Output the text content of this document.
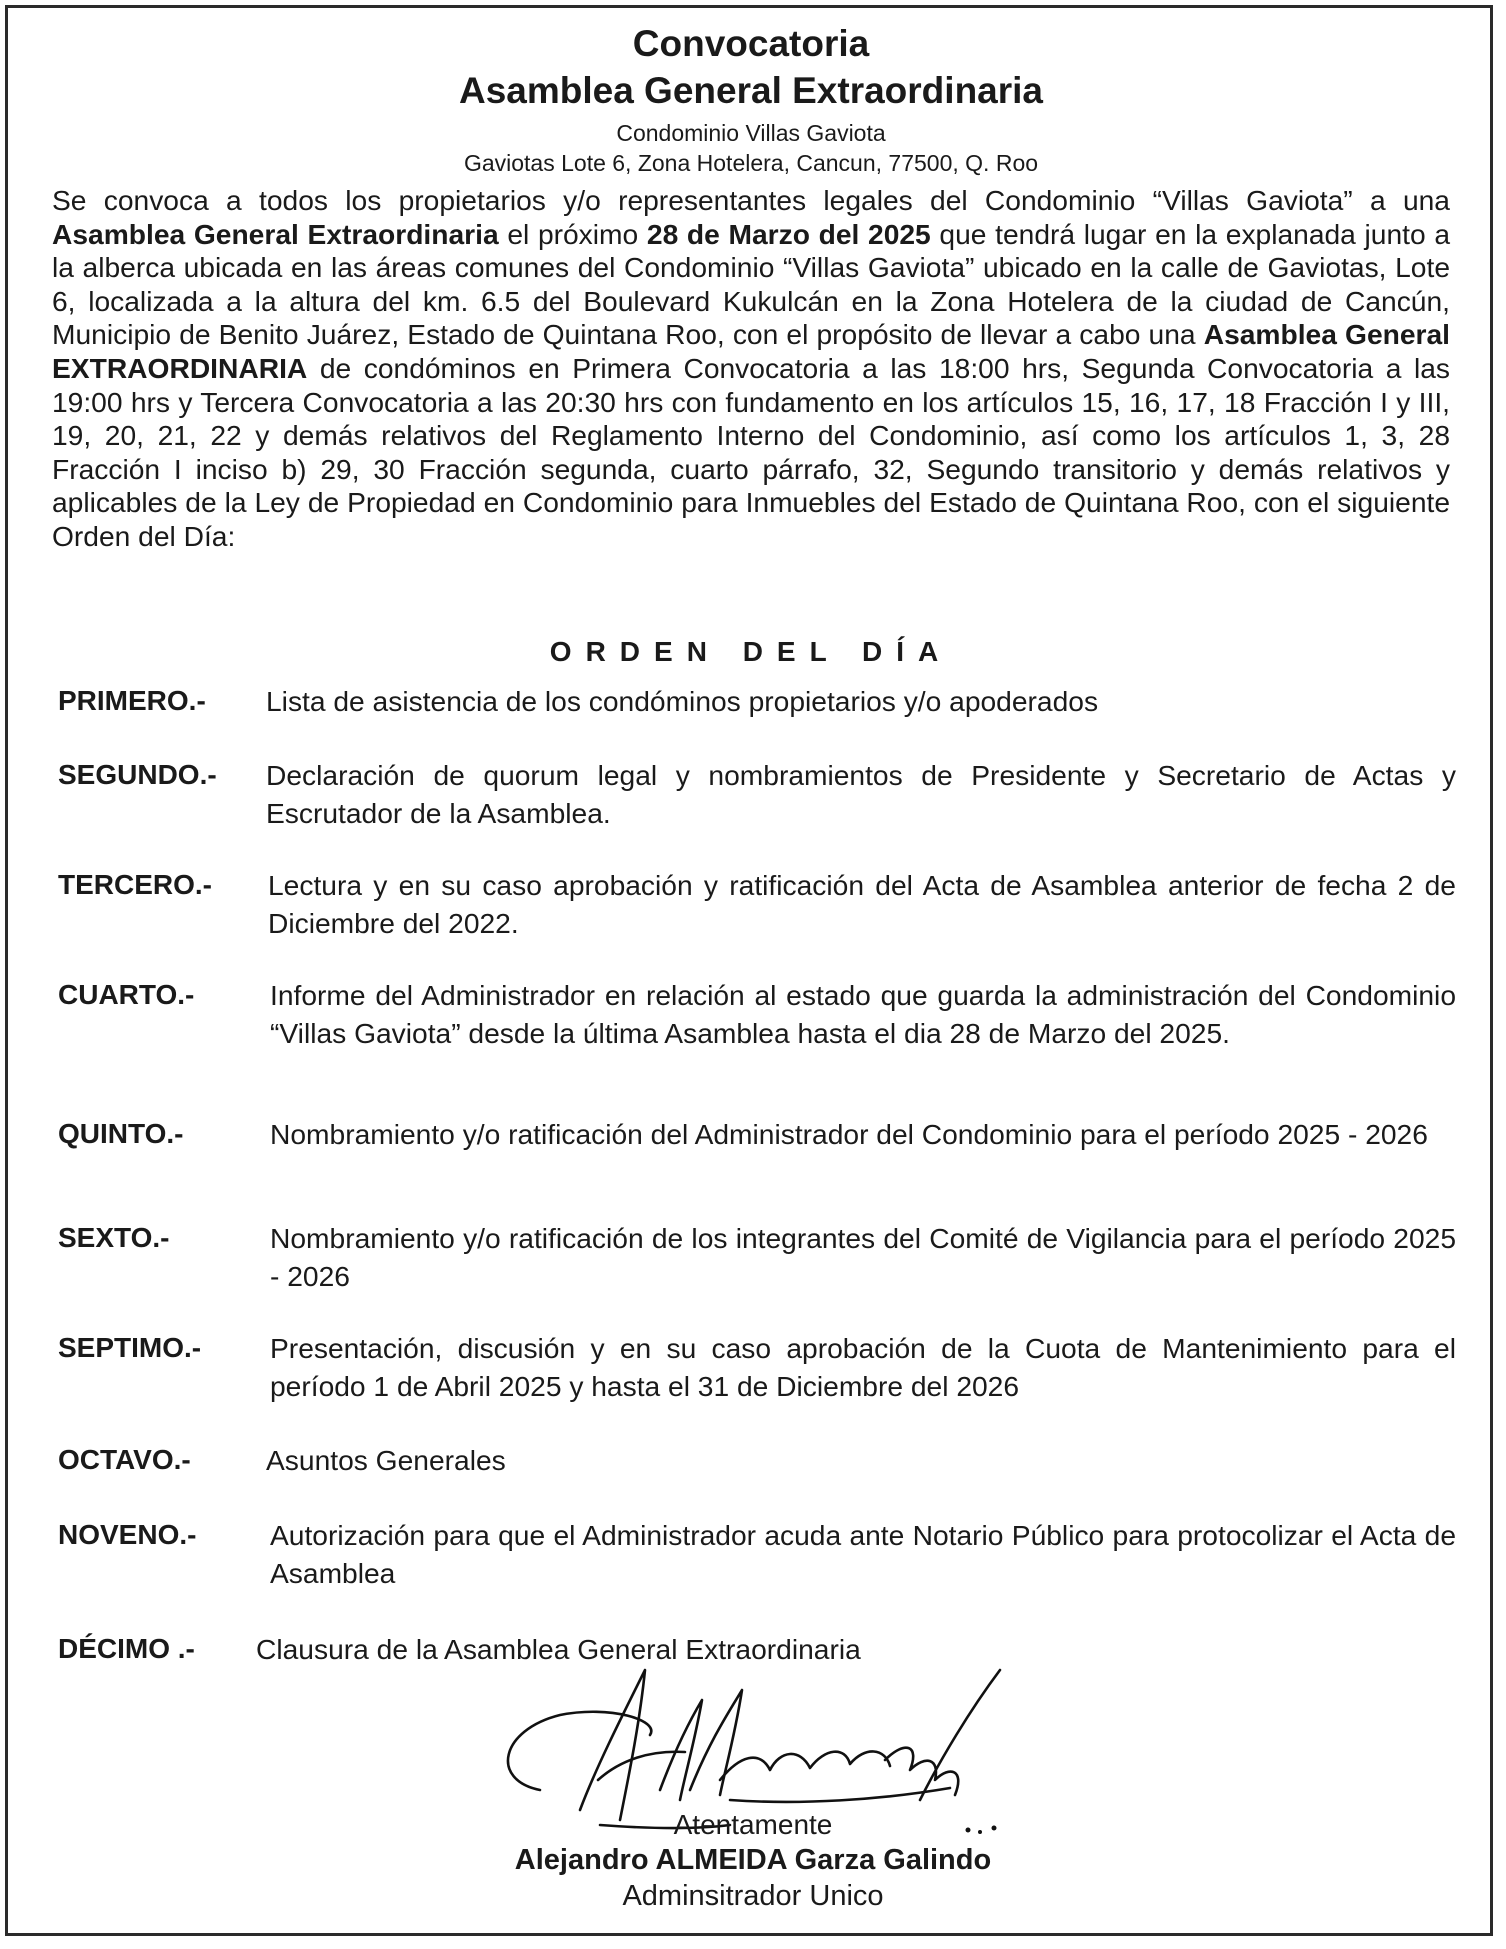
Convocatoria
Asamblea General Extraordinaria
Condominio Villas Gaviota
Gaviotas Lote 6, Zona Hotelera, Cancun, 77500, Q. Roo

Se convoca a todos los propietarios y/o representantes legales del Condominio “Villas Gaviota” a una Asamblea General Extraordinaria el próximo 28 de Marzo del 2025 que tendrá lugar en la explanada junto a la alberca ubicada en las áreas comunes del Condominio “Villas Gaviota” ubicado en la calle de Gaviotas, Lote 6, localizada a la altura del km. 6.5 del Boulevard Kukulcán en la Zona Hotelera de la ciudad de Cancún, Municipio de Benito Juárez, Estado de Quintana Roo, con el propósito de llevar a cabo una Asamblea General EXTRAORDINARIA de condóminos en Primera Convocatoria a las 18:00 hrs, Segunda Convocatoria a las 19:00 hrs y Tercera Convocatoria a las 20:30 hrs con fundamento en los artículos 15, 16, 17, 18 Fracción I y III, 19, 20, 21, 22 y demás relativos del Reglamento Interno del Condominio, así como los artículos 1, 3, 28 Fracción I inciso b) 29, 30 Fracción segunda, cuarto párrafo, 32, Segundo transitorio y demás relativos y aplicables de la Ley de Propiedad en Condominio para Inmuebles del Estado de Quintana Roo, con el siguiente Orden del Día:

ORDEN DEL DÍA
PRIMERO.- Lista de asistencia de los condóminos propietarios y/o apoderados
SEGUNDO.- Declaración de quorum legal y nombramientos de Presidente y Secretario de Actas y Escrutador de la Asamblea.
TERCERO.- Lectura y en su caso aprobación y ratificación del Acta de Asamblea anterior de fecha 2 de Diciembre del 2022.
CUARTO.-	Informe del Administrador en relación al estado que guarda la administración del Condominio “Villas Gaviota” desde la última Asamblea hasta el dia 28 de Marzo del 2025.
QUINTO.-	Nombramiento y/o ratificación del Administrador del Condominio para el período 2025 - 2026
SEXTO.-	Nombramiento y/o ratificación de los integrantes del Comité de Vigilancia para el período 2025 - 2026
SEPTIMO.- Presentación, discusión y en su caso aprobación de la Cuota de Mantenimiento para el período 1 de Abril 2025 y hasta el 31 de Diciembre del 2026
OCTAVO.-	Asuntos Generales
NOVENO.-	Autorización para que el Administrador acuda ante Notario Público para protocolizar el Acta de Asamblea
DÉCIMO .- Clausura de la Asamblea General Extraordinaria
Atentamente
Alejandro ALMEIDA Garza Galindo
Adminsitrador Unico
